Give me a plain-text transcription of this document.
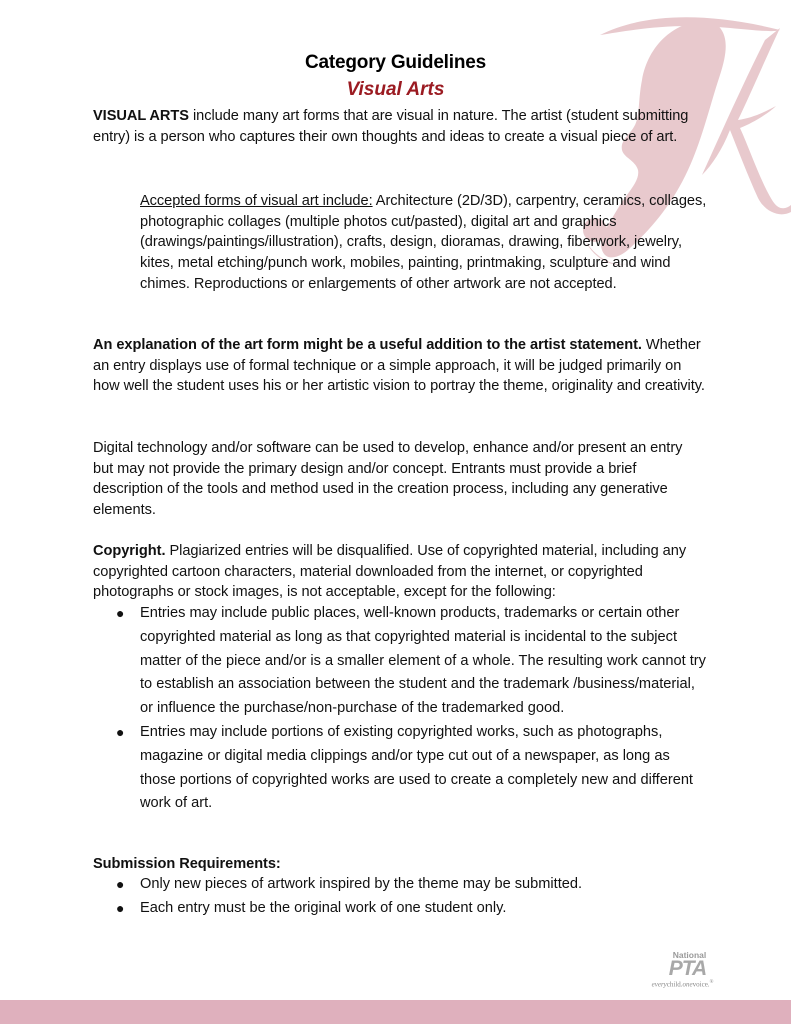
Category Guidelines
Visual Arts
VISUAL ARTS include many art forms that are visual in nature. The artist (student submitting entry) is a person who captures their own thoughts and ideas to create a visual piece of art.
Accepted forms of visual art include: Architecture (2D/3D), carpentry, ceramics, collages, photographic collages (multiple photos cut/pasted), digital art and graphics (drawings/paintings/illustration), crafts, design, dioramas, drawing, fiberwork, jewelry, kites, metal etching/punch work, mobiles, painting, printmaking, sculpture and wind chimes. Reproductions or enlargements of other artwork are not accepted.
An explanation of the art form might be a useful addition to the artist statement. Whether an entry displays use of formal technique or a simple approach, it will be judged primarily on how well the student uses his or her artistic vision to portray the theme, originality and creativity.
Digital technology and/or software can be used to develop, enhance and/or present an entry but may not provide the primary design and/or concept. Entrants must provide a brief description of the tools and method used in the creation process, including any generative elements.
Copyright. Plagiarized entries will be disqualified. Use of copyrighted material, including any copyrighted cartoon characters, material downloaded from the internet, or copyrighted photographs or stock images, is not acceptable, except for the following:
● Entries may include public places, well-known products, trademarks or certain other copyrighted material as long as that copyrighted material is incidental to the subject matter of the piece and/or is a smaller element of a whole. The resulting work cannot try to establish an association between the student and the trademark /business/material, or influence the purchase/non-purchase of the trademarked good.
● Entries may include portions of existing copyrighted works, such as photographs, magazine or digital media clippings and/or type cut out of a newspaper, as long as those portions of copyrighted works are used to create a completely new and different work of art.
Submission Requirements:
● Only new pieces of artwork inspired by the theme may be submitted.
● Each entry must be the original work of one student only.
National
PTA
everychild.onevoice.®
